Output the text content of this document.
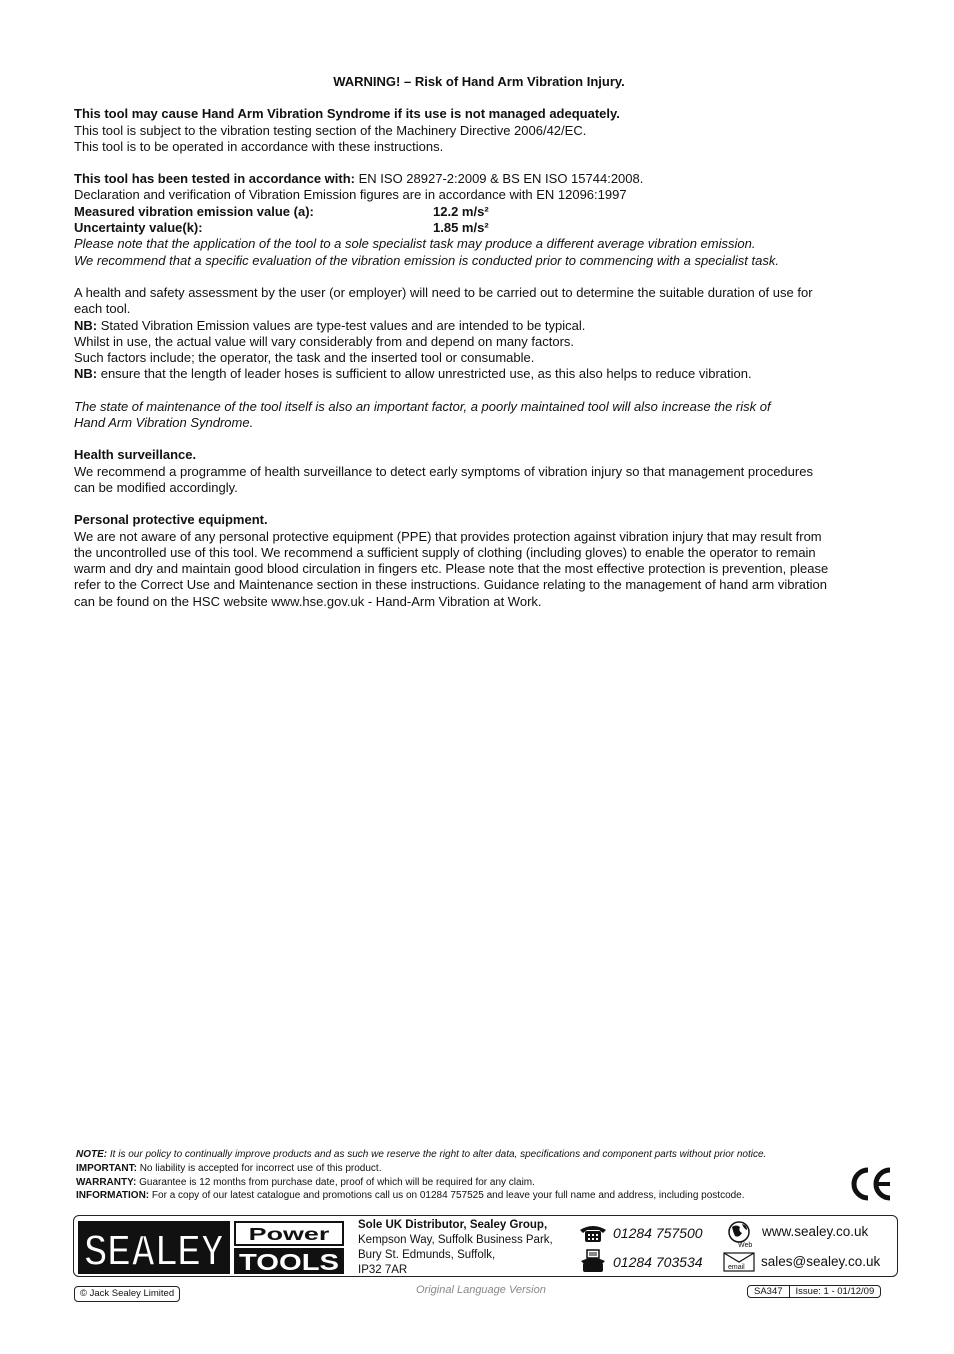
WARNING! – Risk of Hand Arm Vibration Injury.

This tool may cause Hand Arm Vibration Syndrome if its use is not managed adequately.

This tool is subject to the vibration testing section of the Machinery Directive 2006/42/EC.

This tool is to be operated in accordance with these instructions.

This tool has been tested in accordance with: EN ISO 28927-2:2009 & BS EN ISO 15744:2008.

Declaration and verification of Vibration Emission figures are in accordance with EN 12096:1997

Measured vibration emission value (a):	12.2 m/s²
Uncertainty value(k):	1.85 m/s²

Please note that the application of the tool to a sole specialist task may produce a different average vibration emission.

We recommend that a specific evaluation of the vibration emission is conducted prior to commencing with a specialist task.

A health and safety assessment by the user (or employer) will need to be carried out to determine the suitable duration of use for

each tool.

NB: Stated Vibration Emission values are type-test values and are intended to be typical.

Whilst in use, the actual value will vary considerably from and depend on many factors.

Such factors include; the operator, the task and the inserted tool or consumable.

NB: ensure that the length of leader hoses is sufficient to allow unrestricted use, as this also helps to reduce vibration.

The state of maintenance of the tool itself is also an important factor, a poorly maintained tool will also increase the risk of

Hand Arm Vibration Syndrome.

Health surveillance.

We recommend a programme of health surveillance to detect early symptoms of vibration injury so that management procedures

can be modified accordingly.

Personal protective equipment.

We are not aware of any personal protective equipment (PPE) that provides protection against vibration injury that may result from

the uncontrolled use of this tool. We recommend a sufficient supply of clothing (including gloves) to enable the operator to remain

warm and dry and maintain good blood circulation in fingers etc. Please note that the most effective protection is prevention, please

refer to the Correct Use and Maintenance section in these instructions. Guidance relating to the management of hand arm vibration

can be found on the HSC website www.hse.gov.uk - Hand-Arm Vibration at Work.

NOTE: It is our policy to continually improve products and as such we reserve the right to alter data, specifications and component parts without prior notice.

IMPORTANT: No liability is accepted for incorrect use of this product.

WARRANTY: Guarantee is 12 months from purchase date, proof of which will be required for any claim.

INFORMATION: For a copy of our latest catalogue and promotions call us on 01284 757525 and leave your full name and address, including postcode.

SEALEY Power
TOOLS

Sole UK Distributor, Sealey Group,

Kempson Way, Suffolk Business Park,

Bury St. Edmunds, Suffolk,

IP32 7AR

01284 757500
01284 703534
Web
www.sealey.co.uk
email sales@sealey.co.uk
© Jack Sealey Limited	Original Language Version	SA347	Issue: 1 - 01/12/09
